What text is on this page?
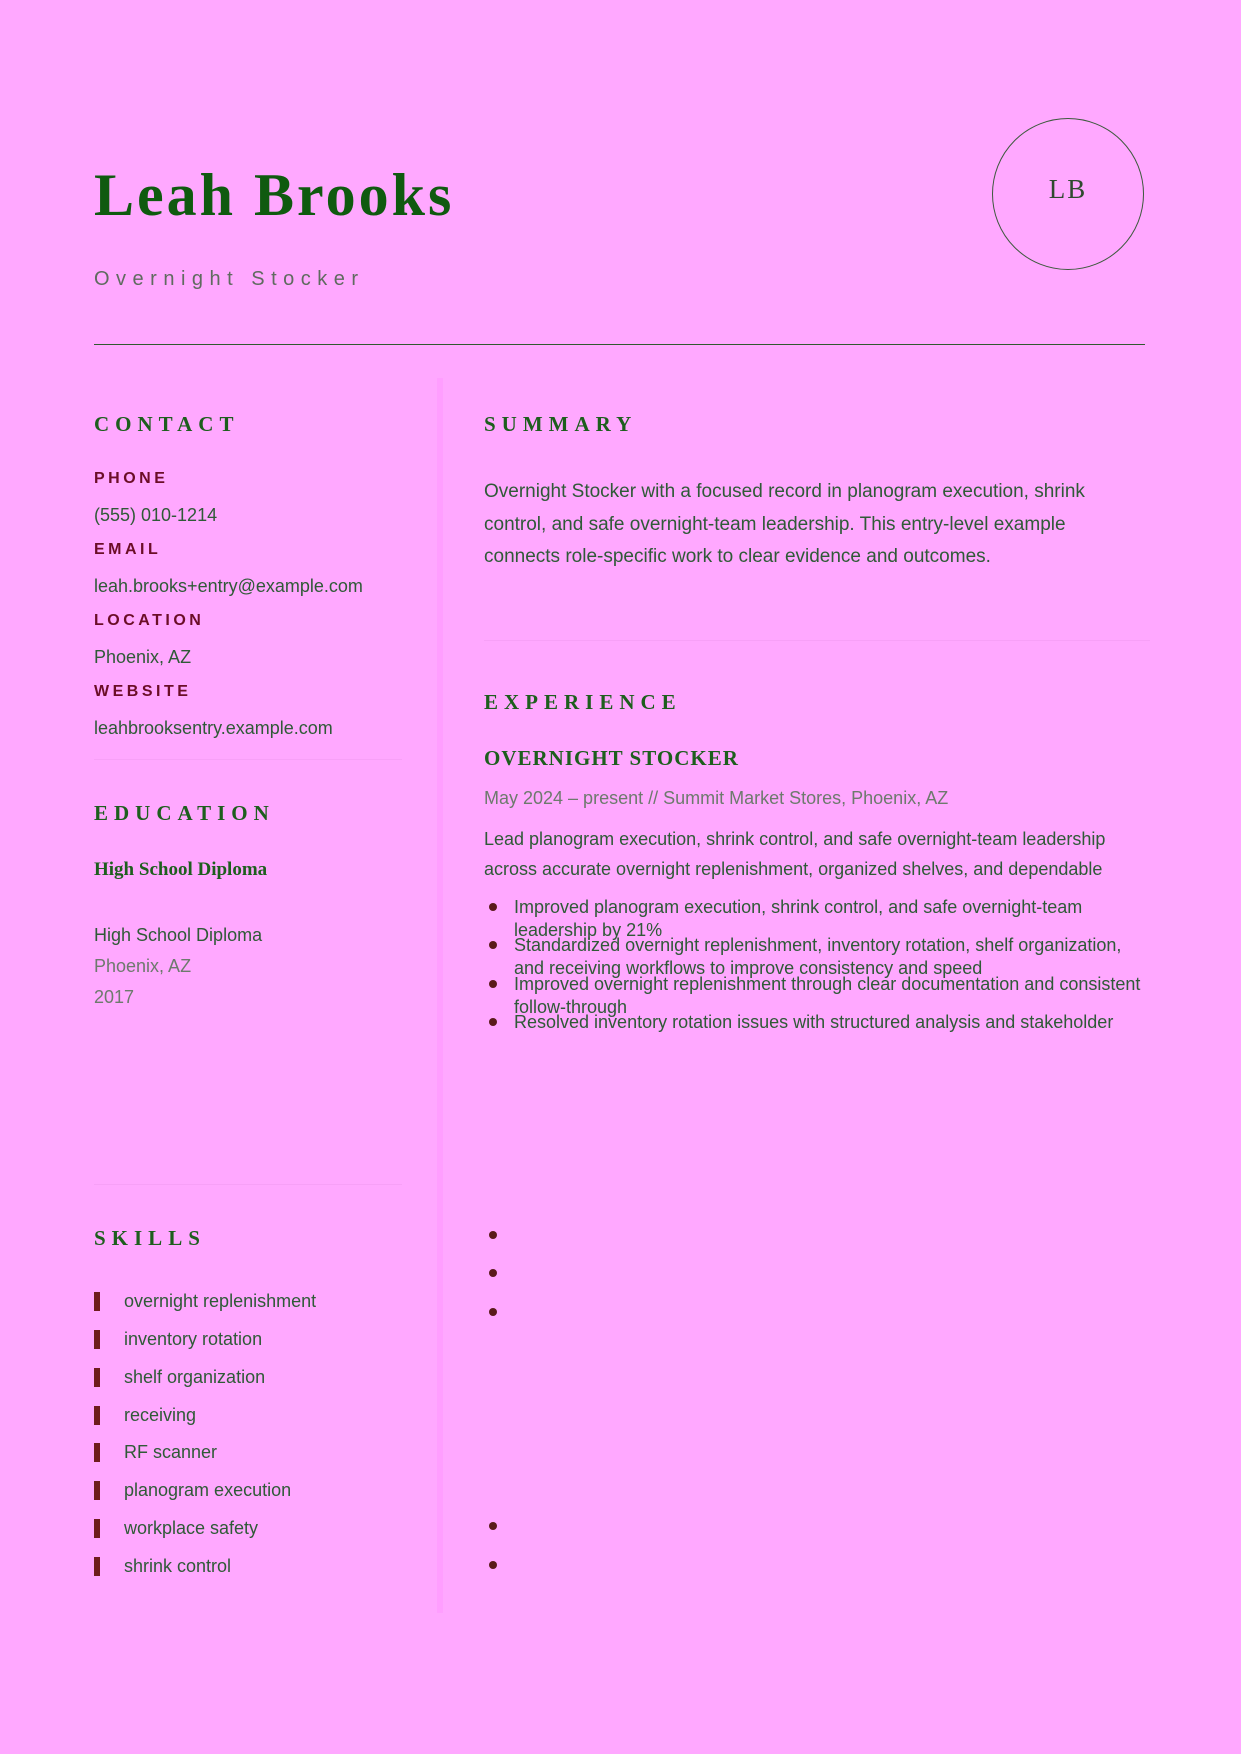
Leah Brooks
Overnight Stocker
LB
CONTACT
PHONE
(555) 010-1214
EMAIL
leah.brooks+entry@example.com
LOCATION
Phoenix, AZ
WEBSITE
leahbrooksentry.example.com
EDUCATION
High School Diploma
High School Diploma
Phoenix, AZ
2017
SKILLS
overnight replenishment
inventory rotation
shelf organization
receiving
RF scanner
planogram execution
workplace safety
shrink control
SUMMARY

Overnight Stocker with a focused record in planogram execution, shrink control, and safe overnight-team leadership. This entry-level example connects role-specific work to clear evidence and outcomes.

EXPERIENCE
OVERNIGHT STOCKER
May 2024 – present // Summit Market Stores, Phoenix, AZ

Lead planogram execution, shrink control, and safe overnight-team leadership across accurate overnight replenishment, organized shelves, and dependable

Improved planogram execution, shrink control, and safe overnight-team leadership by 21%
Standardized overnight replenishment, inventory rotation, shelf organization, and receiving workflows to improve consistency and speed
Improved overnight replenishment through clear documentation and consistent follow-through
Resolved inventory rotation issues with structured analysis and stakeholder
